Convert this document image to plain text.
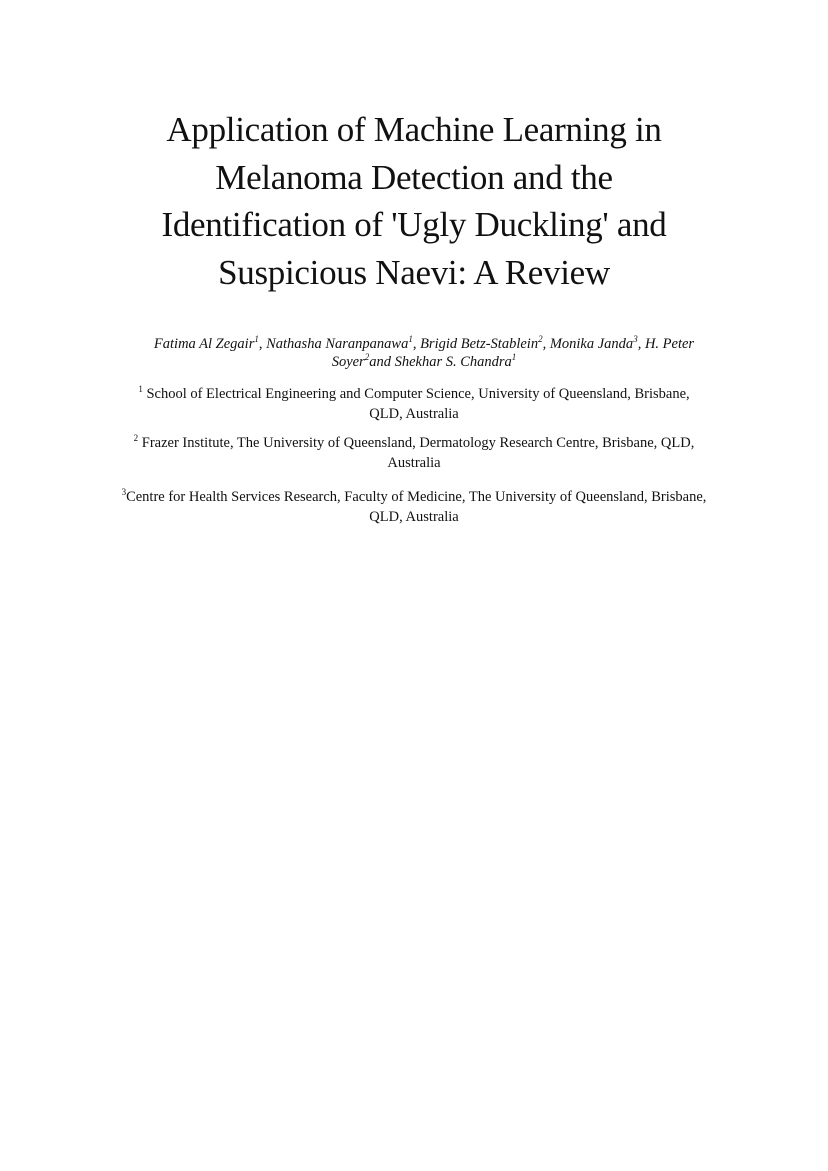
Application of Machine Learning in
Melanoma Detection and the
Identification of 'Ugly Duckling' and
Suspicious Naevi: A Review
Fatima Al Zegair$^1$, Nathasha Naranpanawa$^1$, Brigid Betz-Stablein$^2$, Monika Janda$^3$, H. Peter
Soyer$^2$and Shekhar S. Chandra$^1$
$^1$ School of Electrical Engineering and Computer Science, University of Queensland, Brisbane,
QLD, Australia
$^2$ Frazer Institute, The University of Queensland, Dermatology Research Centre, Brisbane, QLD,
Australia
$^3$Centre for Health Services Research, Faculty of Medicine, The University of Queensland, Brisbane,
QLD, Australia
